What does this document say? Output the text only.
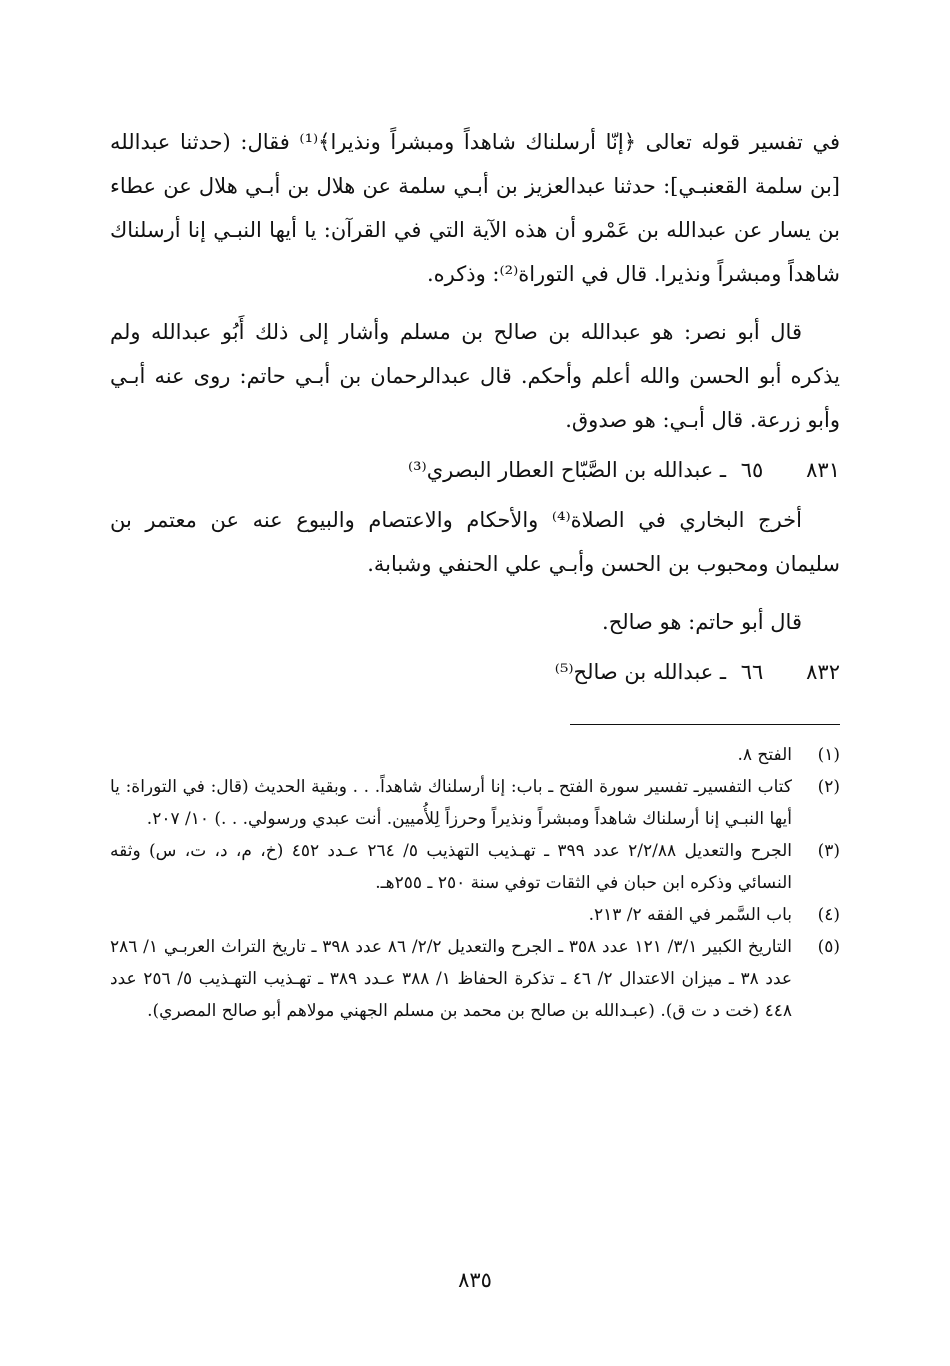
في تفسير قوله تعالى ﴿إنّا أرسلناك شاهداً ومبشراً ونذيرا﴾⁽¹⁾ فقال: (حدثنا عبدالله [بن سلمة القعنبـي]: حدثنا عبدالعزيز بن أبـي سلمة عن هلال بن أبـي هلال عن عطاء بن يسار عن عبدالله بن عَمْرو أن هذه الآية التي في القرآن: يا أيها النبـي إنا أرسلناك شاهداً ومبشراً ونذيرا. قال في التوراة⁽²⁾: وذكره.

قال أبو نصر: هو عبدالله بن صالح بن مسلم وأشار إلى ذلك أَبُو عبدالله ولم يذكره أبو الحسن والله أعلم وأحكم. قال عبدالرحمان بن أبـي حاتم: روى عنه أبـي وأبو زرعة. قال أبـي: هو صدوق.

٨٣١ ٦٥ ـ عبدالله بن الصَّبّاح العطار البصري⁽³⁾

أخرج البخاري في الصلاة⁽⁴⁾ والأحكام والاعتصام والبيوع عنه عن معتمر بن سليمان ومحبوب بن الحسن وأبـي علي الحنفي وشبابة.

قال أبو حاتم: هو صالح.

٨٣٢ ٦٦ ـ عبدالله بن صالح⁽⁵⁾

(١)
الفتح ٨.

(٢)
كتاب التفسيرـ تفسير سورة الفتح ـ باب: إنا أرسلناك شاهداً. . . وبقية الحديث (قال: في التوراة: يا أيها النبـي إنا أرسلناك شاهداً ومبشراً ونذيراً وحرزاً لِلأُميين. أنت عبدي ورسولي. . .) ١٠/ ٢٠٧.

(٣)
الجرح والتعديل ٢/٢/٨٨ عدد ٣٩٩ ـ تهـذيب التهذيب ٥/ ٢٦٤ عـدد ٤٥٢ (خ، م، د، ت، س) وثقه النسائي وذكره ابن حبان في الثقات توفي سنة ٢٥٠ ـ ٢٥٥هـ.

(٤)
باب السَّمر في الفقه ٢/ ٢١٣.

(٥)
التاريخ الكبير ٣/١/ ١٢١ عدد ٣٥٨ ـ الجرح والتعديل ٢/٢/ ٨٦ عدد ٣٩٨ ـ تاريخ التراث العربـي ١/ ٢٨٦ عدد ٣٨ ـ ميزان الاعتدال ٢/ ٤٦ ـ تذكرة الحفاظ ١/ ٣٨٨ عـدد ٣٨٩ ـ تهـذيب التهـذيب ٥/ ٢٥٦ عدد ٤٤٨ (خت د ت ق). (عبـدالله بن صالح بن محمد بن مسلم الجهني مولاهم أبو صالح المصري).

٨٣٥
